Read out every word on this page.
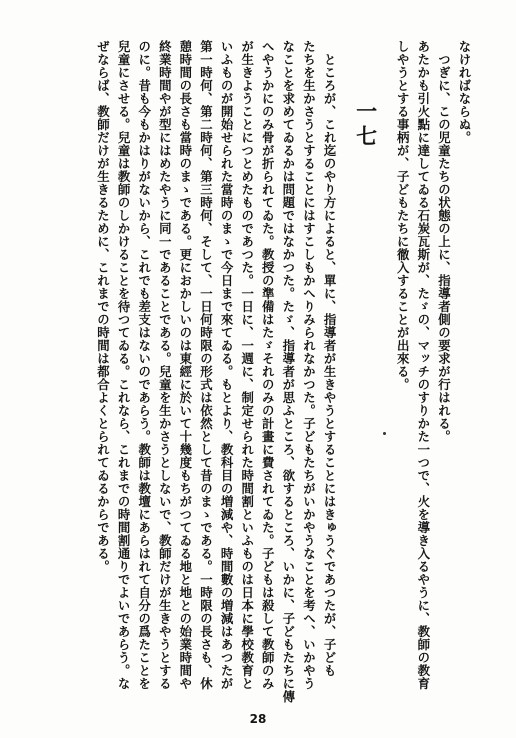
なければならぬ。
つぎに、この児童たちの状態の上に、指導者側の要求が行はれる。
あたかも引火點に達してゐる石炭瓦斯が、たゞの、マッチのすりかた一つで、火を導き入るやうに、教師の教育
しやうとする事柄が、子どもたちに徹入することが出來る。
一七
ところが、これ迄のやり方によると、單に、指導者が生きやうとすることにはきゅうぐであつたが、子ども
たちを生かさうとすることにはすこしもかへりみられなかつた。子どもたちがいかやうなことを考へ、いかやう
なことを求めてゐるかは問題ではなかつた。たゞ、指導者が思ふところ、欲するところ、いかに、子どもたちに傳
へやうかにのみ骨が折られてゐた。教授の準備はたゞそれのみの計畫に費されてゐた。子どもは殺して教師のみ
が生きようことにつとめたものであつた。一日に、一週に、制定せられた時間割といふものは日本に學校教育と
いふものが開始せられた當時のまゝで今日まで來てゐる。もとより、教科目の増減や、時間數の増減はあつたが
第一時何、第二時何、第三時何、そして、一日何時限の形式は依然として昔のまゝである。一時限の長さも、休
憩時間の長さも當時のまゝである。更におかしいのは東經に於いて十幾度もちがつてゐる地と地との始業時間や
終業時間やが型にはめたやうに同一であることである。兒童を生かさうとしないで、教師だけが生きやうとする
のに。昔も今もかはりがないから、これでも差支はないのであらう。教師は教壇にあらはれて自分の爲たことを
兒童にさせる。兒童は教師のしかけることを待つてゐる。これなら、これまでの時間割通りでよいであらう。な
ぜならば、教師だけが生きるために、これまでの時間は都合よくとられてゐるからである。
28
